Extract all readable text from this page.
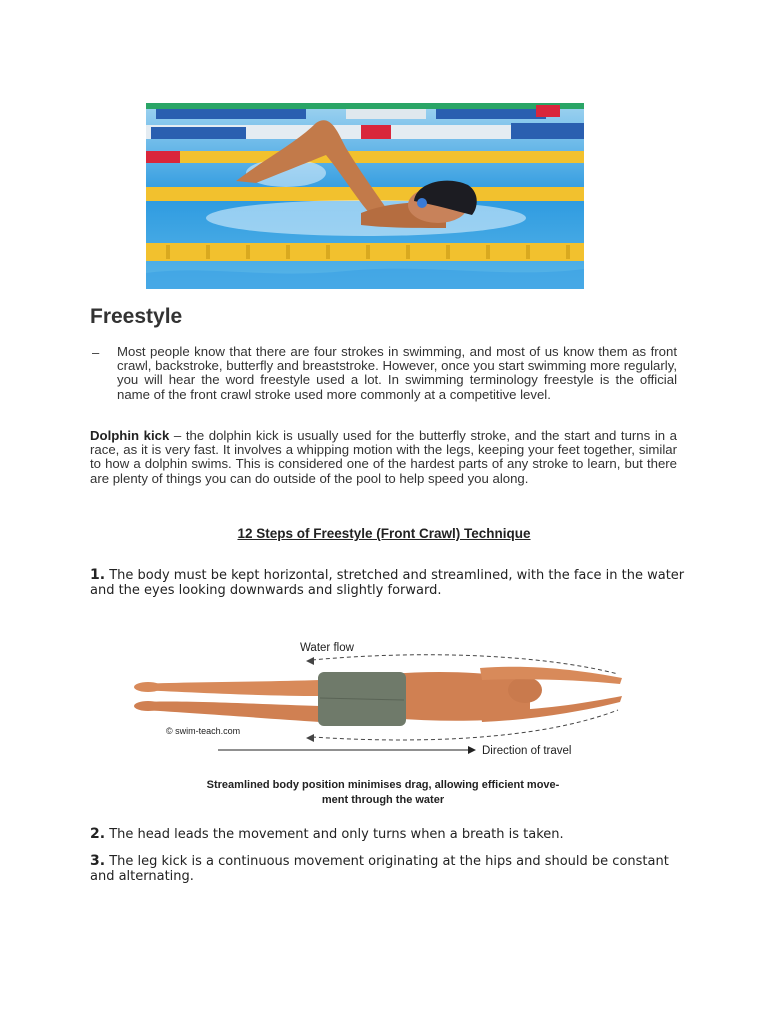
Freestyle
– Most people know that there are four strokes in swimming, and most of us know them as front crawl, backstroke, butterfly and breaststroke. However, once you start swimming more regularly, you will hear the word freestyle used a lot. In swimming terminology freestyle is the official name of the front crawl stroke used more commonly at a competitive level.
Dolphin kick – the dolphin kick is usually used for the butterfly stroke, and the start and turns in a race, as it is very fast. It involves a whipping motion with the legs, keeping your feet together, similar to how a dolphin swims. This is considered one of the hardest parts of any stroke to learn, but there are plenty of things you can do outside of the pool to help speed you along.
12 Steps of Freestyle (Front Crawl) Technique
1. The body must be kept horizontal, stretched and streamlined, with the face in the water and the eyes looking downwards and slightly forward.
Water flow
© swim-teach.com
Direction of travel
Streamlined body position minimises drag, allowing efficient move-
ment through the water
2. The head leads the movement and only turns when a breath is taken.
3. The leg kick is a continuous movement originating at the hips and should be constant and alternating.
